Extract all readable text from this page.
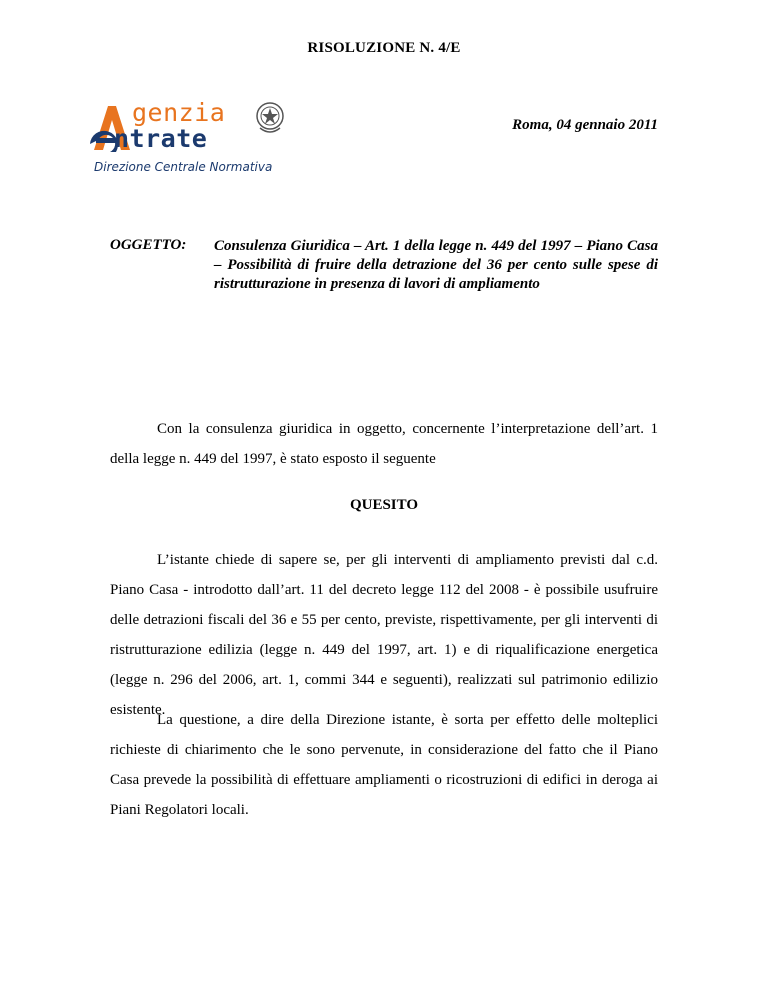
RISOLUZIONE N. 4/E
genzia
ntrate
Direzione Centrale Normativa
Roma, 04 gennaio 2011
OGGETTO: Consulenza Giuridica – Art. 1 della legge n. 449 del 1997 – Piano Casa – Possibilità di fruire della detrazione del 36 per cento sulle spese di ristrutturazione in presenza di lavori di ampliamento
Con la consulenza giuridica in oggetto, concernente l’interpretazione dell’art. 1 della legge n. 449 del 1997, è stato esposto il seguente
QUESITO
L’istante chiede di sapere se, per gli interventi di ampliamento previsti dal c.d. Piano Casa - introdotto dall’art. 11 del decreto legge 112 del 2008 - è possibile usufruire delle detrazioni fiscali del 36 e 55 per cento, previste, rispettivamente, per gli interventi di ristrutturazione edilizia (legge n. 449 del 1997, art. 1) e di riqualificazione energetica (legge n. 296 del 2006, art. 1, commi 344 e seguenti), realizzati sul patrimonio edilizio esistente.
La questione, a dire della Direzione istante, è sorta per effetto delle molteplici richieste di chiarimento che le sono pervenute, in considerazione del fatto che il Piano Casa prevede la possibilità di effettuare ampliamenti o ricostruzioni di edifici in deroga ai Piani Regolatori locali.
